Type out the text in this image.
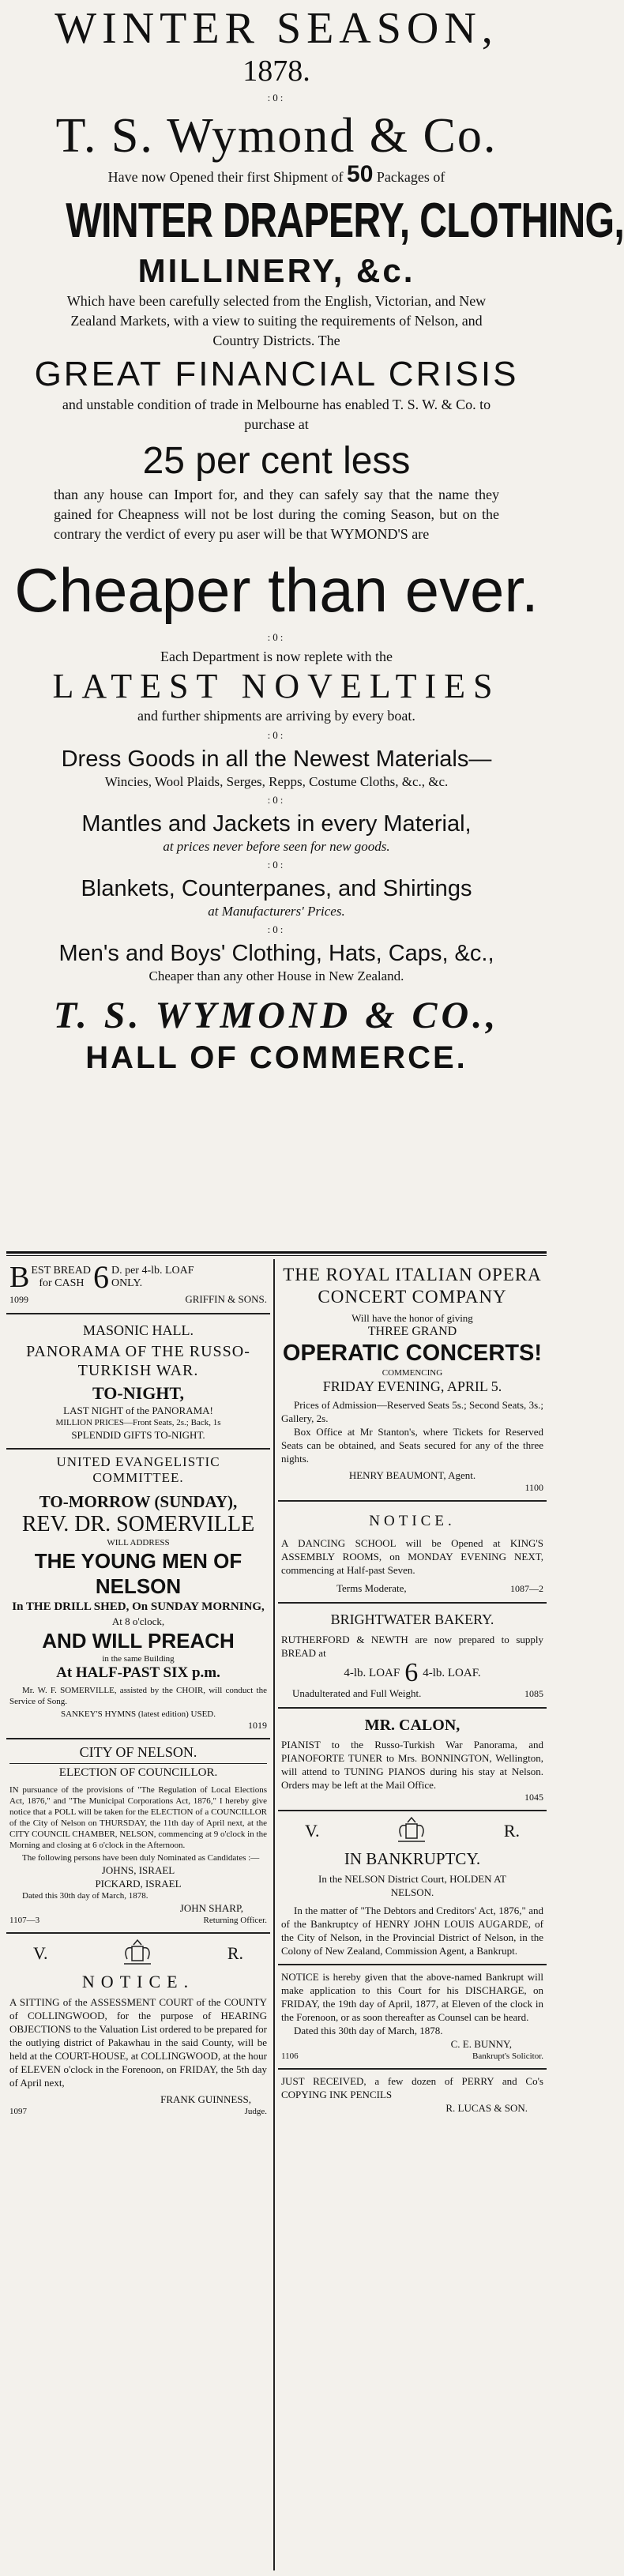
WINTER SEASON,
1878.
:0:
T. S. Wymond & Co.
Have now Opened their first Shipment of 50 Packages of
WINTER DRAPERY, CLOTHING,
MILLINERY, &c.
Which have been carefully selected from the English, Victorian, and New Zealand Markets, with a view to suiting the requirements of Nelson, and Country Districts. The
GREAT FINANCIAL CRISIS
and unstable condition of trade in Melbourne has enabled T. S. W. & Co. to purchase at
25 per cent less
than any house can Import for, and they can safely say that the name they gained for Cheapness will not be lost during the coming Season, but on the contrary the verdict of every pu aser will be that WYMOND'S are
Cheaper than ever.
:0:
Each Department is now replete with the
LATEST NOVELTIES
and further shipments are arriving by every boat.
:0:
Dress Goods in all the Newest Materials—
Wincies, Wool Plaids, Serges, Repps, Costume Cloths, &c., &c.
:0:
Mantles and Jackets in every Material,
at prices never before seen for new goods.
:0:
Blankets, Counterpanes, and Shirtings
at Manufacturers' Prices.
:0:
Men's and Boys' Clothing, Hats, Caps, &c.,
Cheaper than any other House in New Zealand.
T. S. WYMOND & CO.,
HALL OF COMMERCE.
B EST BREAD
for CASH 6 D. per 4-lb. LOAF
ONLY.
1099	GRIFFIN & SONS.
MASONIC HALL.
PANORAMA OF THE RUSSO-TURKISH WAR.
TO-NIGHT,
LAST NIGHT of the PANORAMA!
MILLION PRICES—Front Seats, 2s.; Back, 1s
SPLENDID GIFTS TO-NIGHT.
UNITED EVANGELISTIC COMMITTEE.
TO-MORROW (SUNDAY),
REV. DR. SOMERVILLE
WILL ADDRESS
THE YOUNG MEN OF NELSON
In THE DRILL SHED, On SUNDAY MORNING,
At 8 o'clock,
AND WILL PREACH
in the same Building
At HALF-PAST SIX p.m.
Mr. W. F. SOMERVILLE, assisted by the CHOIR, will conduct the Service of Song.
SANKEY'S HYMNS (latest edition) USED.
1019
CITY OF NELSON.
ELECTION OF COUNCILLOR.
IN pursuance of the provisions of "The Regulation of Local Elections Act, 1876," and "The Municipal Corporations Act, 1876," I hereby give notice that a POLL will be taken for the ELECTION of a COUNCILLOR of the City of Nelson on THURSDAY, the 11th day of April next, at the CITY COUNCIL CHAMBER, NELSON, commencing at 9 o'clock in the Morning and closing at 6 o'clock in the Afternoon.
The following persons have been duly Nominated as Candidates :—
JOHNS, ISRAEL
PICKARD, ISRAEL
Dated this 30th day of March, 1878.
JOHN SHARP,
1107—3	Returning Officer.
V.	R.
NOTICE.
A SITTING of the ASSESSMENT COURT of the COUNTY of COLLINGWOOD, for the purpose of HEARING OBJECTIONS to the Valuation List ordered to be prepared for the outlying district of Pakawhau in the said County, will be held at the COURT-HOUSE, at COLLINGWOOD, at the hour of ELEVEN o'clock in the Forenoon, on FRIDAY, the 5th day of April next,
FRANK GUINNESS,
1097	Judge.
THE ROYAL ITALIAN OPERA CONCERT COMPANY
Will have the honor of giving
THREE GRAND
OPERATIC CONCERTS!
COMMENCING
FRIDAY EVENING, APRIL 5.
Prices of Admission—Reserved Seats 5s.; Second Seats, 3s.; Gallery, 2s.
Box Office at Mr Stanton's, where Tickets for Reserved Seats can be obtained, and Seats secured for any of the three nights.
HENRY BEAUMONT, Agent.
1100
NOTICE.
A DANCING SCHOOL will be Opened at KING'S ASSEMBLY ROOMS, on MONDAY EVENING NEXT, commencing at Half-past Seven.
Terms Moderate,	1087—2
BRIGHTWATER BAKERY.
RUTHERFORD & NEWTH are now prepared to supply BREAD at
4-lb. LOAF 6 4-lb. LOAF.
Unadulterated and Full Weight.	1085
MR. CALON,
PIANIST to the Russo-Turkish War Panorama, and PIANOFORTE TUNER to Mrs. BONNINGTON, Wellington, will attend to TUNING PIANOS during his stay at Nelson. Orders may be left at the Mail Office.
1045
V.	R.
IN BANKRUPTCY.
In the NELSON District Court, HOLDEN AT NELSON.
In the matter of "The Debtors and Creditors' Act, 1876," and of the Bankruptcy of HENRY JOHN LOUIS AUGARDE, of the City of Nelson, in the Provincial District of Nelson, in the Colony of New Zealand, Commission Agent, a Bankrupt.
NOTICE is hereby given that the above-named Bankrupt will make application to this Court for his DISCHARGE, on FRIDAY, the 19th day of April, 1877, at Eleven of the clock in the Forenoon, or as soon thereafter as Counsel can be heard.
Dated this 30th day of March, 1878.
C. E. BUNNY,
1106	Bankrupt's Solicitor.
JUST RECEIVED, a few dozen of PERRY and Co's COPYING INK PENCILS
R. LUCAS & SON.
